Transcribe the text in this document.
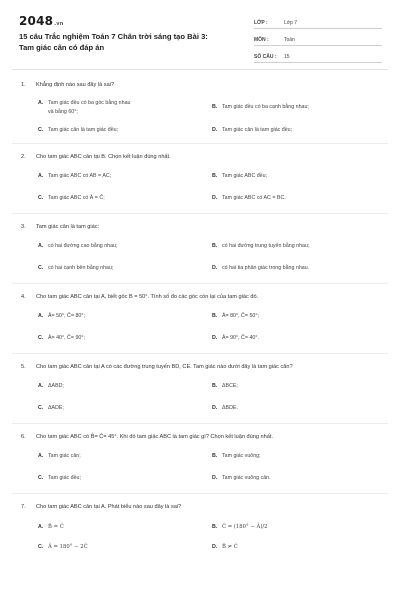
2048.vn
15 câu Trắc nghiệm Toán 7 Chân trời sáng tạo Bài 3: Tam giác cân có đáp án
LỚP :	Lớp 7
MÔN :	Toán
SỐ CÂU :	15
1.	Khẳng định nào sau đây là sai?
A. Tam giác đều có ba góc bằng nhau và bằng 60°;
B. Tam giác đều có ba cạnh bằng nhau;
C. Tam giác cân là tam giác đều;	D. Tam giác cân là tam giác đều;
2.	Cho tam giác ABC cân tại B. Chọn kết luận đúng nhất.
A. Tam giác ABC có AB = AC;	B. Tam giác ABC đều;
C. Tam giác ABC có Â = Ĉ;	D. Tam giác ABC có AC = BC.
3.	Tam giác cân là tam giác:
A. có hai đường cao bằng nhau;	B. có hai đường trung tuyến bằng nhau;
C. có hai cạnh bên bằng nhau;	D. có hai tia phân giác trong bằng nhau.
4.	Cho tam giác ABC cân tại A, biết góc B = 50°. Tính số đo các góc còn lại của tam giác đó.
A. Â= 50°, Ĉ= 80°;	B. Â= 80°, Ĉ= 50°;
C. Â= 40°, Ĉ= 90°;	D. Â= 90°, Ĉ= 40°.
5.	Cho tam giác ABC cân tại A có các đường trung tuyến BD, CE. Tam giác nào dưới đây là tam giác cân?
A. ΔABD;	B. ΔBCE;
C. ΔADE;	D. ΔBDE.
6.	Cho tam giác ABC có B̂= Ĉ= 45°. Khi đó tam giác ABC là tam giác gì? Chọn kết luận đúng nhất.
A. Tam giác cân;	B. Tam giác vuông;
C. Tam giác đều;	D. Tam giác vuông cân.
7.	Cho tam giác ABC cân tại A. Phát biểu nào sau đây là sai?
A. B̂ = Ĉ	B. Ĉ = (180° − Â)/2
C. Â = 180° − 2Ĉ	D. B̂ ≠ Ĉ
